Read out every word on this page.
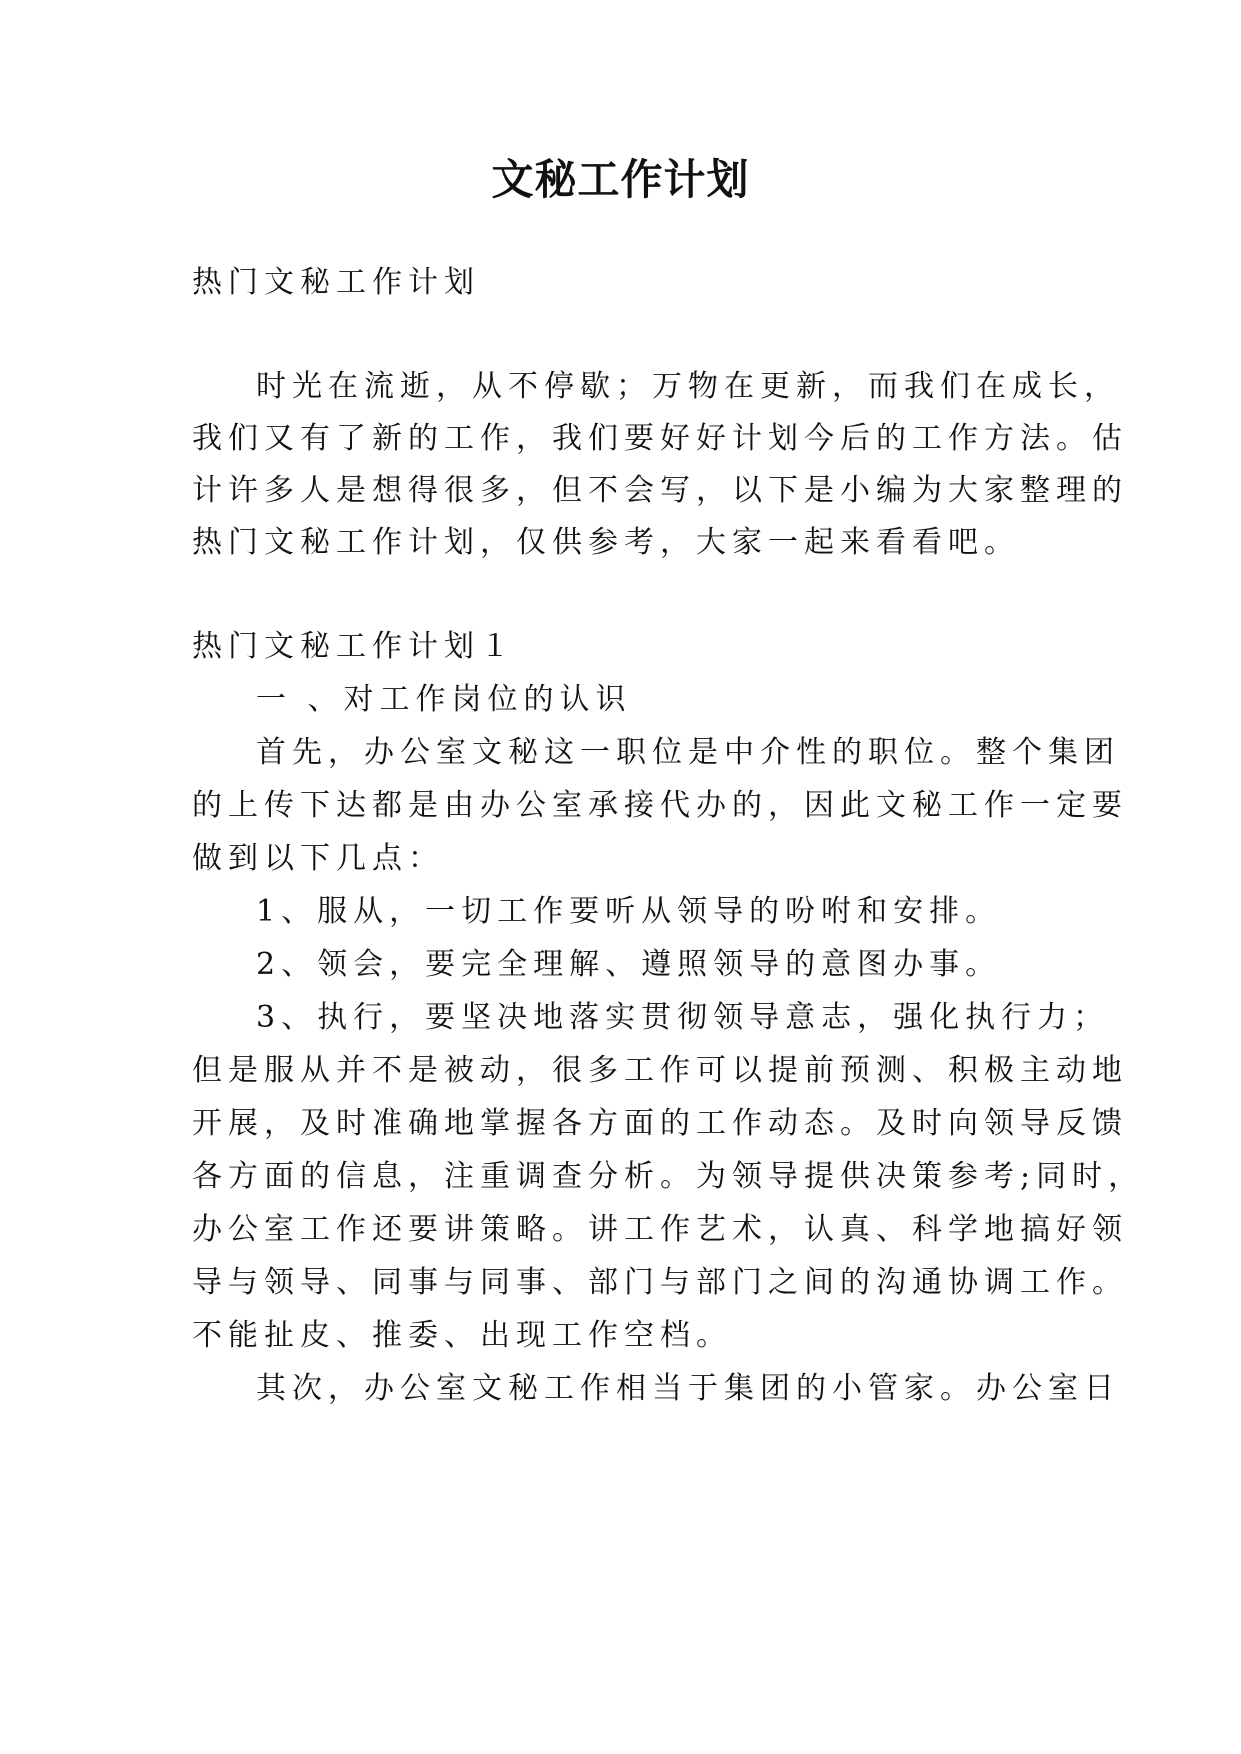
文秘工作计划
热门文秘工作计划
时光在流逝，从不停歇；万物在更新，而我们在成长，
我们又有了新的工作，我们要好好计划今后的工作方法。估
计许多人是想得很多，但不会写，以下是小编为大家整理的
热门文秘工作计划，仅供参考，大家一起来看看吧。
热门文秘工作计划１
一 、对工作岗位的认识
首先，办公室文秘这一职位是中介性的职位。整个集团
的上传下达都是由办公室承接代办的，因此文秘工作一定要
做到以下几点：
1、服从，一切工作要听从领导的吩咐和安排。
2、领会，要完全理解、遵照领导的意图办事。
3、执行，要坚决地落实贯彻领导意志，强化执行力；
但是服从并不是被动，很多工作可以提前预测、积极主动地
开展，及时准确地掌握各方面的工作动态。及时向领导反馈
各方面的信息，注重调查分析。为领导提供决策参考;同时，
办公室工作还要讲策略。讲工作艺术，认真、科学地搞好领
导与领导、同事与同事、部门与部门之间的沟通协调工作。
不能扯皮、推委、出现工作空档。
其次，办公室文秘工作相当于集团的小管家。办公室日
